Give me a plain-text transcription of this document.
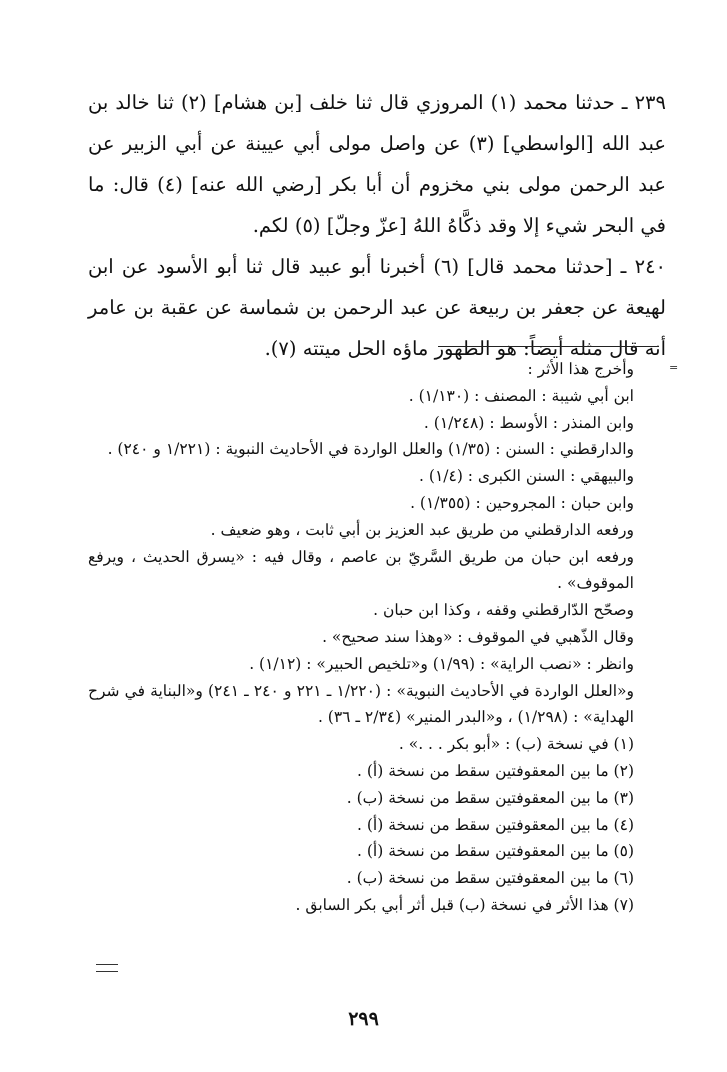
٢٣٩ ـ حدثنا محمد (١) المروزي قال ثنا خلف [بن هشام] (٢) ثنا خالد بن عبد الله [الواسطي] (٣) عن واصل مولى أبي عيينة عن أبي الزبير عن عبد الرحمن مولى بني مخزوم أن أبا بكر [رضي الله عنه] (٤) قال: ما في البحر شيء إلا وقد ذكَّاهُ اللهُ [عزّ وجلّ] (٥) لكم.

٢٤٠ ـ [حدثنا محمد قال] (٦) أخبرنا أبو عبيد قال ثنا أبو الأسود عن ابن لهيعة عن جعفر بن ربيعة عن عبد الرحمن بن شماسة عن عقبة بن عامر أنه قال مثله أيضاً: هو الطهور ماؤه الحل ميتته (٧).

=

وأخرج هذا الأثر :

ابن أبي شيبة : المصنف : (١/١٣٠) .

وابن المنذر : الأوسط : (١/٢٤٨) .

والدارقطني : السنن : (١/٣٥) والعلل الواردة في الأحاديث النبوية : (١/٢٢١ و ٢٤٠) .

والبيهقي : السنن الكبرى : (١/٤) .

وابن حبان : المجروحين : (١/٣٥٥) .

ورفعه الدارقطني من طريق عبد العزيز بن أبي ثابت ، وهو ضعيف .

ورفعه ابن حبان من طريق السَّريّ بن عاصم ، وقال فيه : «يسرق الحديث ، ويرفع الموقوف» .

وصحّح الدّارقطني وقفه ، وكذا ابن حبان .

وقال الذّهبي في الموقوف : «وهذا سند صحيح» .

وانظر : «نصب الراية» : (١/٩٩) و«تلخيص الحبير» : (١/١٢) .

و«العلل الواردة في الأحاديث النبوية» : (١/٢٢٠ ـ ٢٢١ و ٢٤٠ ـ ٢٤١) و«البناية في شرح الهداية» : (١/٢٩٨) ، و«البدر المنير» (٢/٣٤ ـ ٣٦) .

(١) في نسخة (ب) : «أبو بكر . . .» .

(٢) ما بين المعقوفتين سقط من نسخة (أ) .

(٣) ما بين المعقوفتين سقط من نسخة (ب) .

(٤) ما بين المعقوفتين سقط من نسخة (أ) .

(٥) ما بين المعقوفتين سقط من نسخة (أ) .

(٦) ما بين المعقوفتين سقط من نسخة (ب) .

(٧) هذا الأثر في نسخة (ب) قبل أثر أبي بكر السابق .

٢٩٩
